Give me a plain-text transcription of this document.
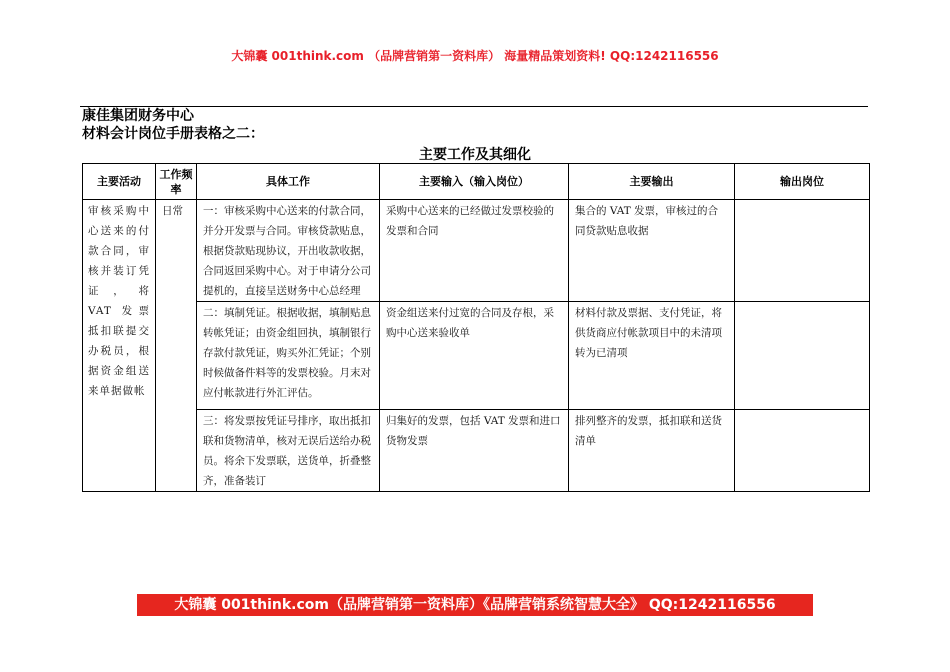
大锦囊 001think.com （品牌营销第一资料库） 海量精品策划资料! QQ:1242116556
康佳集团财务中心
材料会计岗位手册表格之二：
主要工作及其细化
主要活动	工作频率	具体工作	主要输入（输入岗位）	主要输出	输出岗位

审核采购中心送来的付款合同，审核并装订凭证，将 VAT 发票抵扣联提交办税员，根据资金组送来单据做帐	日常	一：审核采购中心送来的付款合同，并分开发票与合同。审核贷款贴息，根据贷款贴现协议，开出收款收据，合同返回采购中心。对于申请分公司提机的，直接呈送财务中心总经理	采购中心送来的已经做过发票校验的发票和合同	集合的 VAT 发票，审核过的合同贷款贴息收据	

		二：填制凭证。根据收据，填制贴息转帐凭证；由资金组回执，填制银行存款付款凭证，购买外汇凭证；个别时候做备件料等的发票校验。月末对应付帐款进行外汇评估。	资金组送来付过宽的合同及存根，采购中心送来验收单	材料付款及票据、支付凭证，将供货商应付帐款项目中的未清项转为已清项	

		三：将发票按凭证号排序，取出抵扣联和货物清单，核对无误后送给办税员。将余下发票联，送货单，折叠整齐，准备装订	归集好的发票，包括 VAT 发票和进口货物发票	排列整齐的发票，抵扣联和送货清单	

大锦囊 001think.com（品牌营销第一资料库）《品牌营销系统智慧大全》 QQ:1242116556
